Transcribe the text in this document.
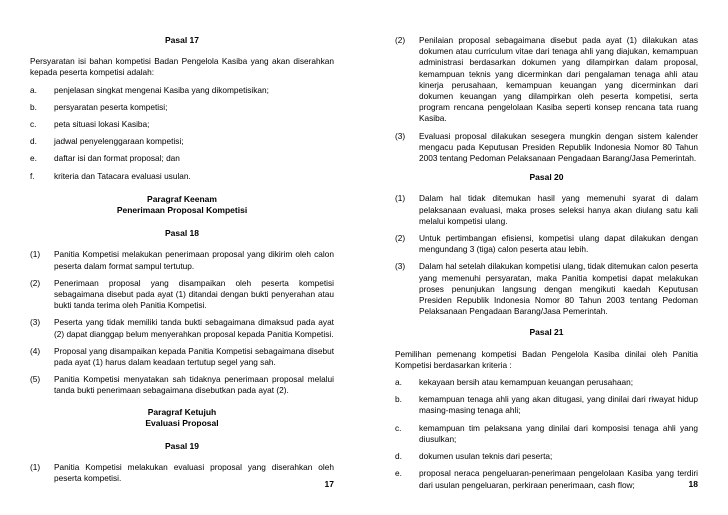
Pasal 17
Persyaratan isi bahan kompetisi Badan Pengelola Kasiba yang akan diserahkan kepada peserta kompetisi adalah:
a.	penjelasan singkat mengenai Kasiba yang dikompetisikan;
b.	persyaratan peserta kompetisi;
c.	peta situasi lokasi Kasiba;
d.	jadwal penyelenggaraan kompetisi;
e.	daftar isi dan format proposal; dan
f.	kriteria dan Tatacara evaluasi usulan.
Paragraf Keenam
Penerimaan Proposal Kompetisi
Pasal 18
(1)	Panitia Kompetisi melakukan penerimaan proposal yang dikirim oleh calon peserta dalam format sampul tertutup.
(2)	Penerimaan proposal yang disampaikan oleh peserta kompetisi sebagaimana disebut pada ayat (1) ditandai dengan bukti penyerahan atau bukti tanda terima oleh Panitia Kompetisi.
(3)	Peserta yang tidak memiliki tanda bukti sebagaimana dimaksud pada ayat (2) dapat dianggap belum menyerahkan proposal kepada Panitia Kompetisi.
(4)	Proposal yang disampaikan kepada Panitia Kompetisi sebagaimana disebut pada ayat (1) harus dalam keadaan tertutup segel yang sah.
(5)	Panitia Kompetisi menyatakan sah tidaknya penerimaan proposal melalui tanda bukti penerimaan sebagaimana disebutkan pada ayat (2).
Paragraf Ketujuh
Evaluasi Proposal
Pasal 19
(1)	Panitia Kompetisi melakukan evaluasi proposal yang diserahkan oleh peserta kompetisi.
17
(2)	Penilaian proposal sebagaimana disebut pada ayat (1) dilakukan atas dokumen atau curriculum vitae dari tenaga ahli yang diajukan, kemampuan administrasi berdasarkan dokumen yang dilampirkan dalam proposal, kemampuan teknis yang dicerminkan dari pengalaman tenaga ahli atau kinerja perusahaan, kemampuan keuangan yang dicerminkan dari dokumen keuangan yang dilampirkan oleh peserta kompetisi, serta program rencana pengelolaan Kasiba seperti konsep rencana tata ruang Kasiba.
(3)	Evaluasi proposal dilakukan sesegera mungkin dengan sistem kalender mengacu pada Keputusan Presiden Republik Indonesia Nomor 80 Tahun 2003 tentang Pedoman Pelaksanaan Pengadaan Barang/Jasa Pemerintah.
Pasal 20
(1)	Dalam hal tidak ditemukan hasil yang memenuhi syarat di dalam pelaksanaan evaluasi, maka proses seleksi hanya akan diulang satu kali melalui kompetisi ulang.
(2)	Untuk pertimbangan efisiensi, kompetisi ulang dapat dilakukan dengan mengundang 3 (tiga) calon peserta atau lebih.
(3)	Dalam hal setelah dilakukan kompetisi ulang, tidak ditemukan calon peserta yang memenuhi persyaratan, maka Panitia kompetisi dapat melakukan proses penunjukan langsung dengan mengikuti kaedah Keputusan Presiden Republik Indonesia Nomor 80 Tahun 2003 tentang Pedoman Pelaksanaan Pengadaan Barang/Jasa Pemerintah.
Pasal 21
Pemilihan pemenang kompetisi Badan Pengelola Kasiba dinilai oleh Panitia Kompetisi berdasarkan kriteria :
a.	kekayaan bersih atau kemampuan keuangan perusahaan;
b.	kemampuan tenaga ahli yang akan ditugasi, yang dinilai dari riwayat hidup masing-masing tenaga ahli;
c.	kemampuan tim pelaksana yang dinilai dari komposisi tenaga ahli yang diusulkan;
d.	dokumen usulan teknis dari peserta;
e.	proposal neraca pengeluaran-penerimaan pengelolaan Kasiba yang terdiri dari usulan pengeluaran, perkiraan penerimaan, cash flow;	18
